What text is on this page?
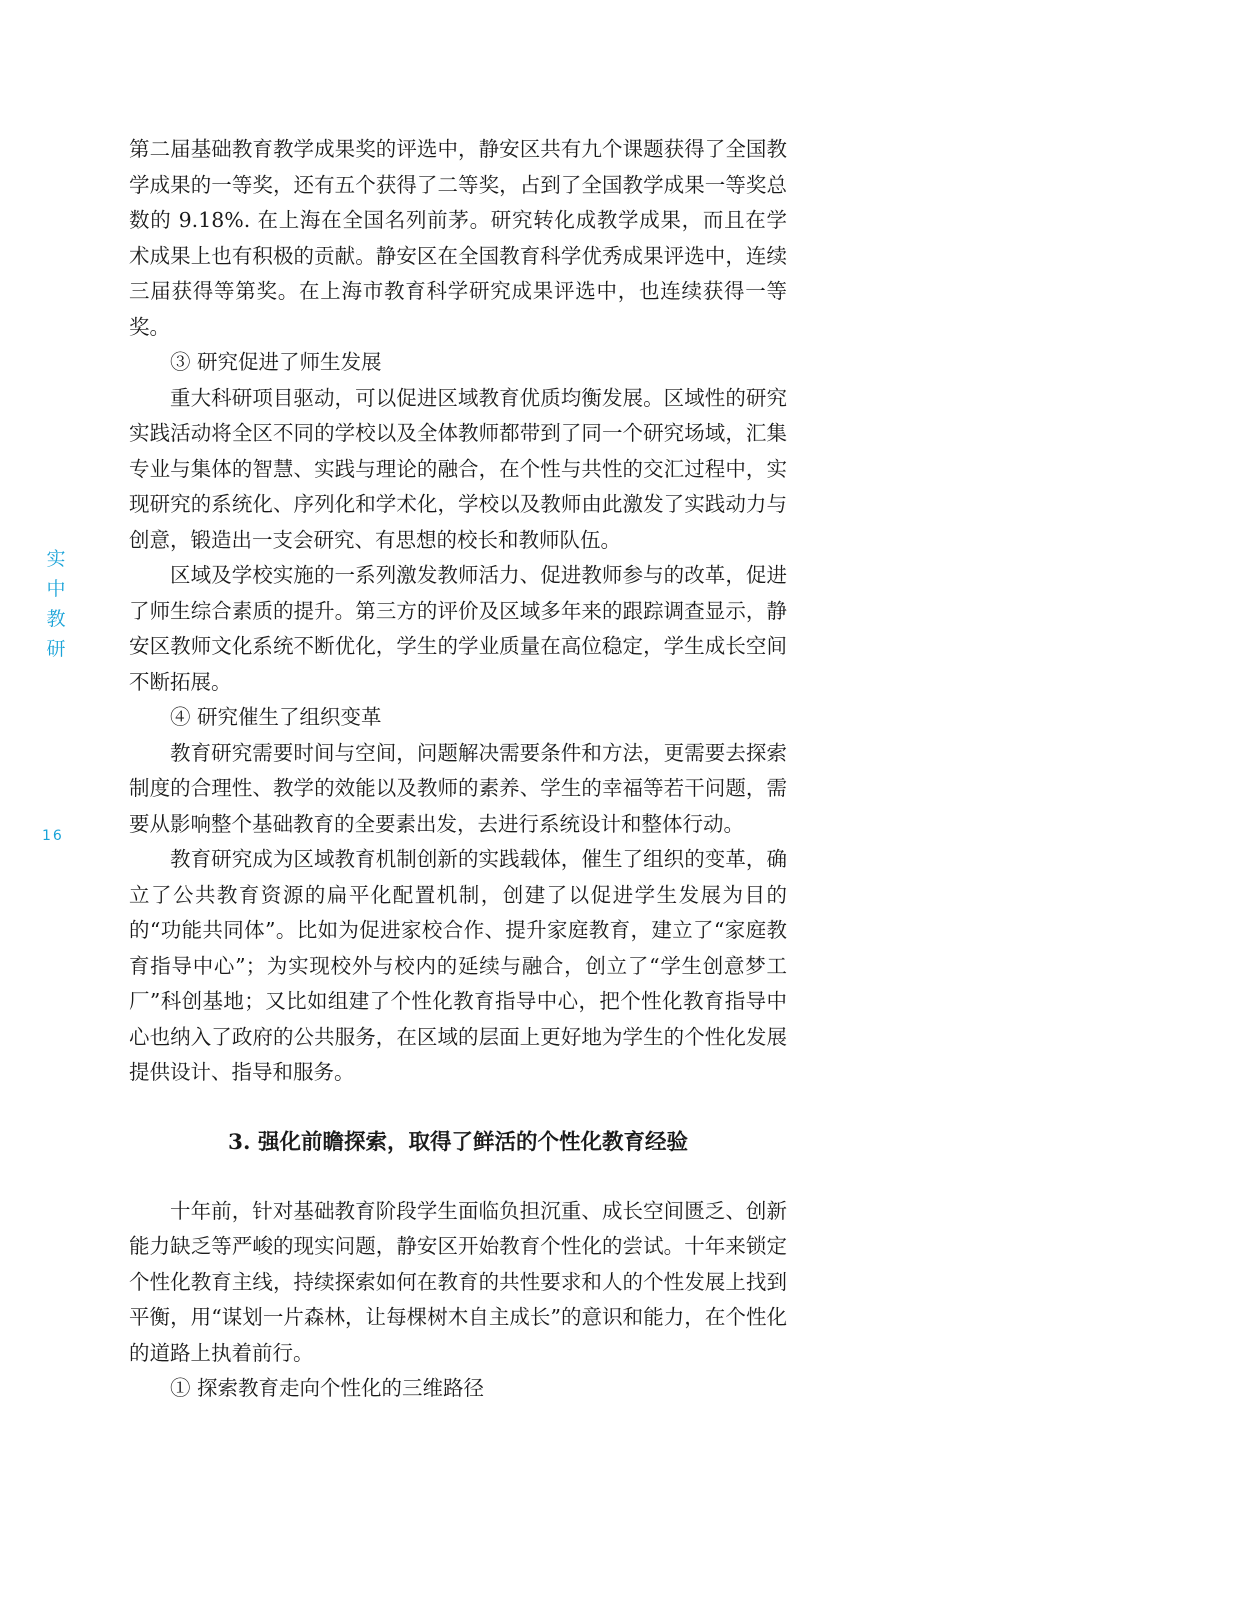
实
中
教
研
16

第二届基础教育教学成果奖的评选中，静安区共有九个课题获得了全国教学成果的一等奖，还有五个获得了二等奖，占到了全国教学成果一等奖总数的 9.18%. 在上海在全国名列前茅。研究转化成教学成果，而且在学术成果上也有积极的贡献。静安区在全国教育科学优秀成果评选中，连续三届获得等第奖。在上海市教育科学研究成果评选中，也连续获得一等奖。

③ 研究促进了师生发展

重大科研项目驱动，可以促进区域教育优质均衡发展。区域性的研究实践活动将全区不同的学校以及全体教师都带到了同一个研究场域，汇集专业与集体的智慧、实践与理论的融合，在个性与共性的交汇过程中，实现研究的系统化、序列化和学术化，学校以及教师由此激发了实践动力与创意，锻造出一支会研究、有思想的校长和教师队伍。

区域及学校实施的一系列激发教师活力、促进教师参与的改革，促进了师生综合素质的提升。第三方的评价及区域多年来的跟踪调查显示，静安区教师文化系统不断优化，学生的学业质量在高位稳定，学生成长空间不断拓展。

④ 研究催生了组织变革

教育研究需要时间与空间，问题解决需要条件和方法，更需要去探索制度的合理性、教学的效能以及教师的素养、学生的幸福等若干问题，需要从影响整个基础教育的全要素出发，去进行系统设计和整体行动。

教育研究成为区域教育机制创新的实践载体，催生了组织的变革，确立了公共教育资源的扁平化配置机制，创建了以促进学生发展为目的的“功能共同体”。比如为促进家校合作、提升家庭教育，建立了“家庭教育指导中心”；为实现校外与校内的延续与融合，创立了“学生创意梦工厂”科创基地；又比如组建了个性化教育指导中心，把个性化教育指导中心也纳入了政府的公共服务，在区域的层面上更好地为学生的个性化发展提供设计、指导和服务。

3. 强化前瞻探索，取得了鲜活的个性化教育经验

十年前，针对基础教育阶段学生面临负担沉重、成长空间匮乏、创新能力缺乏等严峻的现实问题，静安区开始教育个性化的尝试。十年来锁定个性化教育主线，持续探索如何在教育的共性要求和人的个性发展上找到平衡，用“谋划一片森林，让每棵树木自主成长”的意识和能力，在个性化的道路上执着前行。

① 探索教育走向个性化的三维路径
